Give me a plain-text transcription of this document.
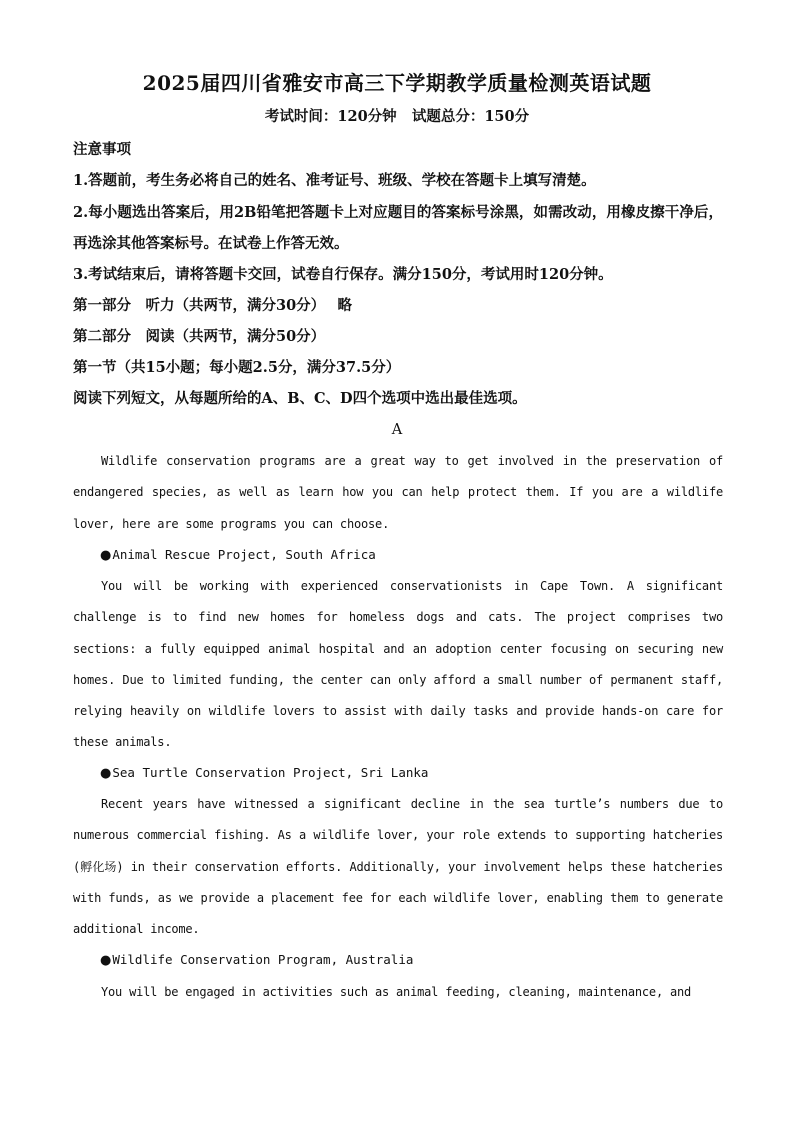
2025届四川省雅安市高三下学期教学质量检测英语试题
考试时间：120分钟   试题总分：150分
注意事项
1.答题前，考生务必将自己的姓名、准考证号、班级、学校在答题卡上填写清楚。
2.每小题选出答案后，用2B铅笔把答题卡上对应题目的答案标号涂黑，如需改动，用橡皮擦干净后，再选涂其他答案标号。在试卷上作答无效。
3.考试结束后，请将答题卡交回，试卷自行保存。满分150分，考试用时120分钟。
第一部分　听力（共两节，满分30分）　 略
第二部分　阅读（共两节，满分50分）
第一节（共15小题；每小题2.5分，满分37.5分）
阅读下列短文，从每题所给的A、B、C、D四个选项中选出最佳选项。
A
Wildlife conservation programs are a great way to get involved in the preservation of endangered species, as well as learn how you can help protect them. If you are a wildlife lover, here are some programs you can choose.
●Animal Rescue Project, South Africa
You will be working with experienced conservationists in Cape Town. A significant challenge is to find new homes for homeless dogs and cats. The project comprises two sections: a fully equipped animal hospital and an adoption center focusing on securing new homes. Due to limited funding, the center can only afford a small number of permanent staff, relying heavily on wildlife lovers to assist with daily tasks and provide hands-on care for these animals.
●Sea Turtle Conservation Project, Sri Lanka
Recent years have witnessed a significant decline in the sea turtle’s numbers due to numerous commercial fishing. As a wildlife lover, your role extends to supporting hatcheries (孵化场) in their conservation efforts. Additionally, your involvement helps these hatcheries with funds, as we provide a placement fee for each wildlife lover, enabling them to generate additional income.
●Wildlife Conservation Program, Australia
You will be engaged in activities such as animal feeding, cleaning, maintenance, and
